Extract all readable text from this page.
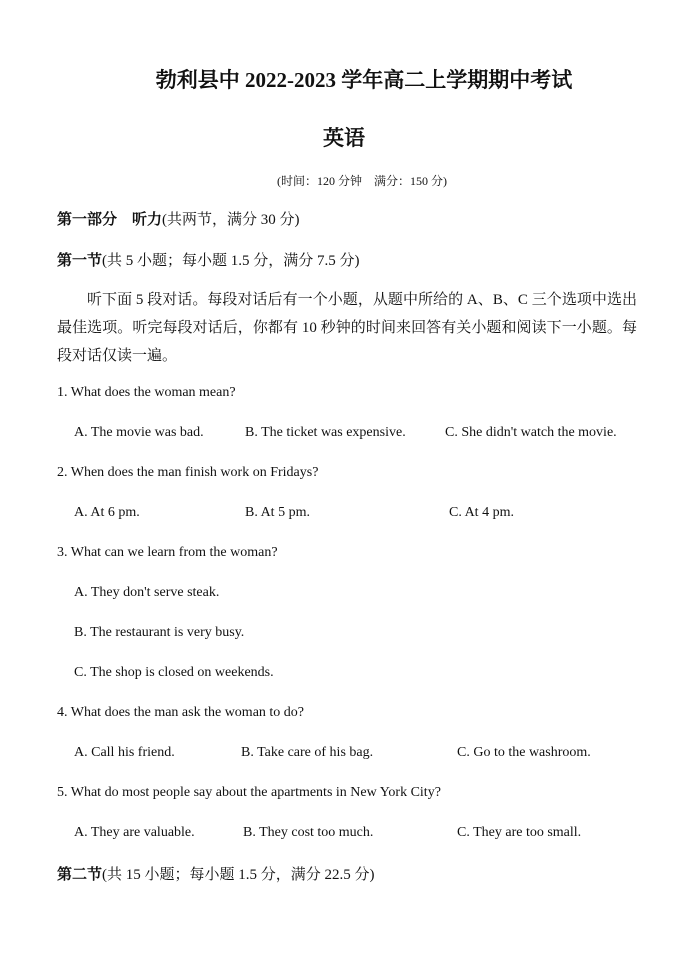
勃利县中 2022-2023 学年高二上学期期中考试
英语
(时间：120 分钟　满分：150 分)
第一部分　听力(共两节，满分 30 分)
第一节(共 5 小题；每小题 1.5 分，满分 7.5 分)
听下面 5 段对话。每段对话后有一个小题，从题中所给的 A、B、C 三个选项中选出最佳选项。听完每段对话后，你都有 10 秒钟的时间来回答有关小题和阅读下一小题。每段对话仅读一遍。
1. What does the woman mean?
A. The movie was bad.	B. The ticket was expensive.	C. She didn't watch the movie.
2. When does the man finish work on Fridays?
A. At 6 pm.	B. At 5 pm.	C. At 4 pm.
3. What can we learn from the woman?
A. They don't serve steak.
B. The restaurant is very busy.
C. The shop is closed on weekends.
4. What does the man ask the woman to do?
A. Call his friend.	B. Take care of his bag.	C. Go to the washroom.
5. What do most people say about the apartments in New York City?
A. They are valuable.	B. They cost too much.	C. They are too small.
第二节(共 15 小题；每小题 1.5 分，满分 22.5 分)
